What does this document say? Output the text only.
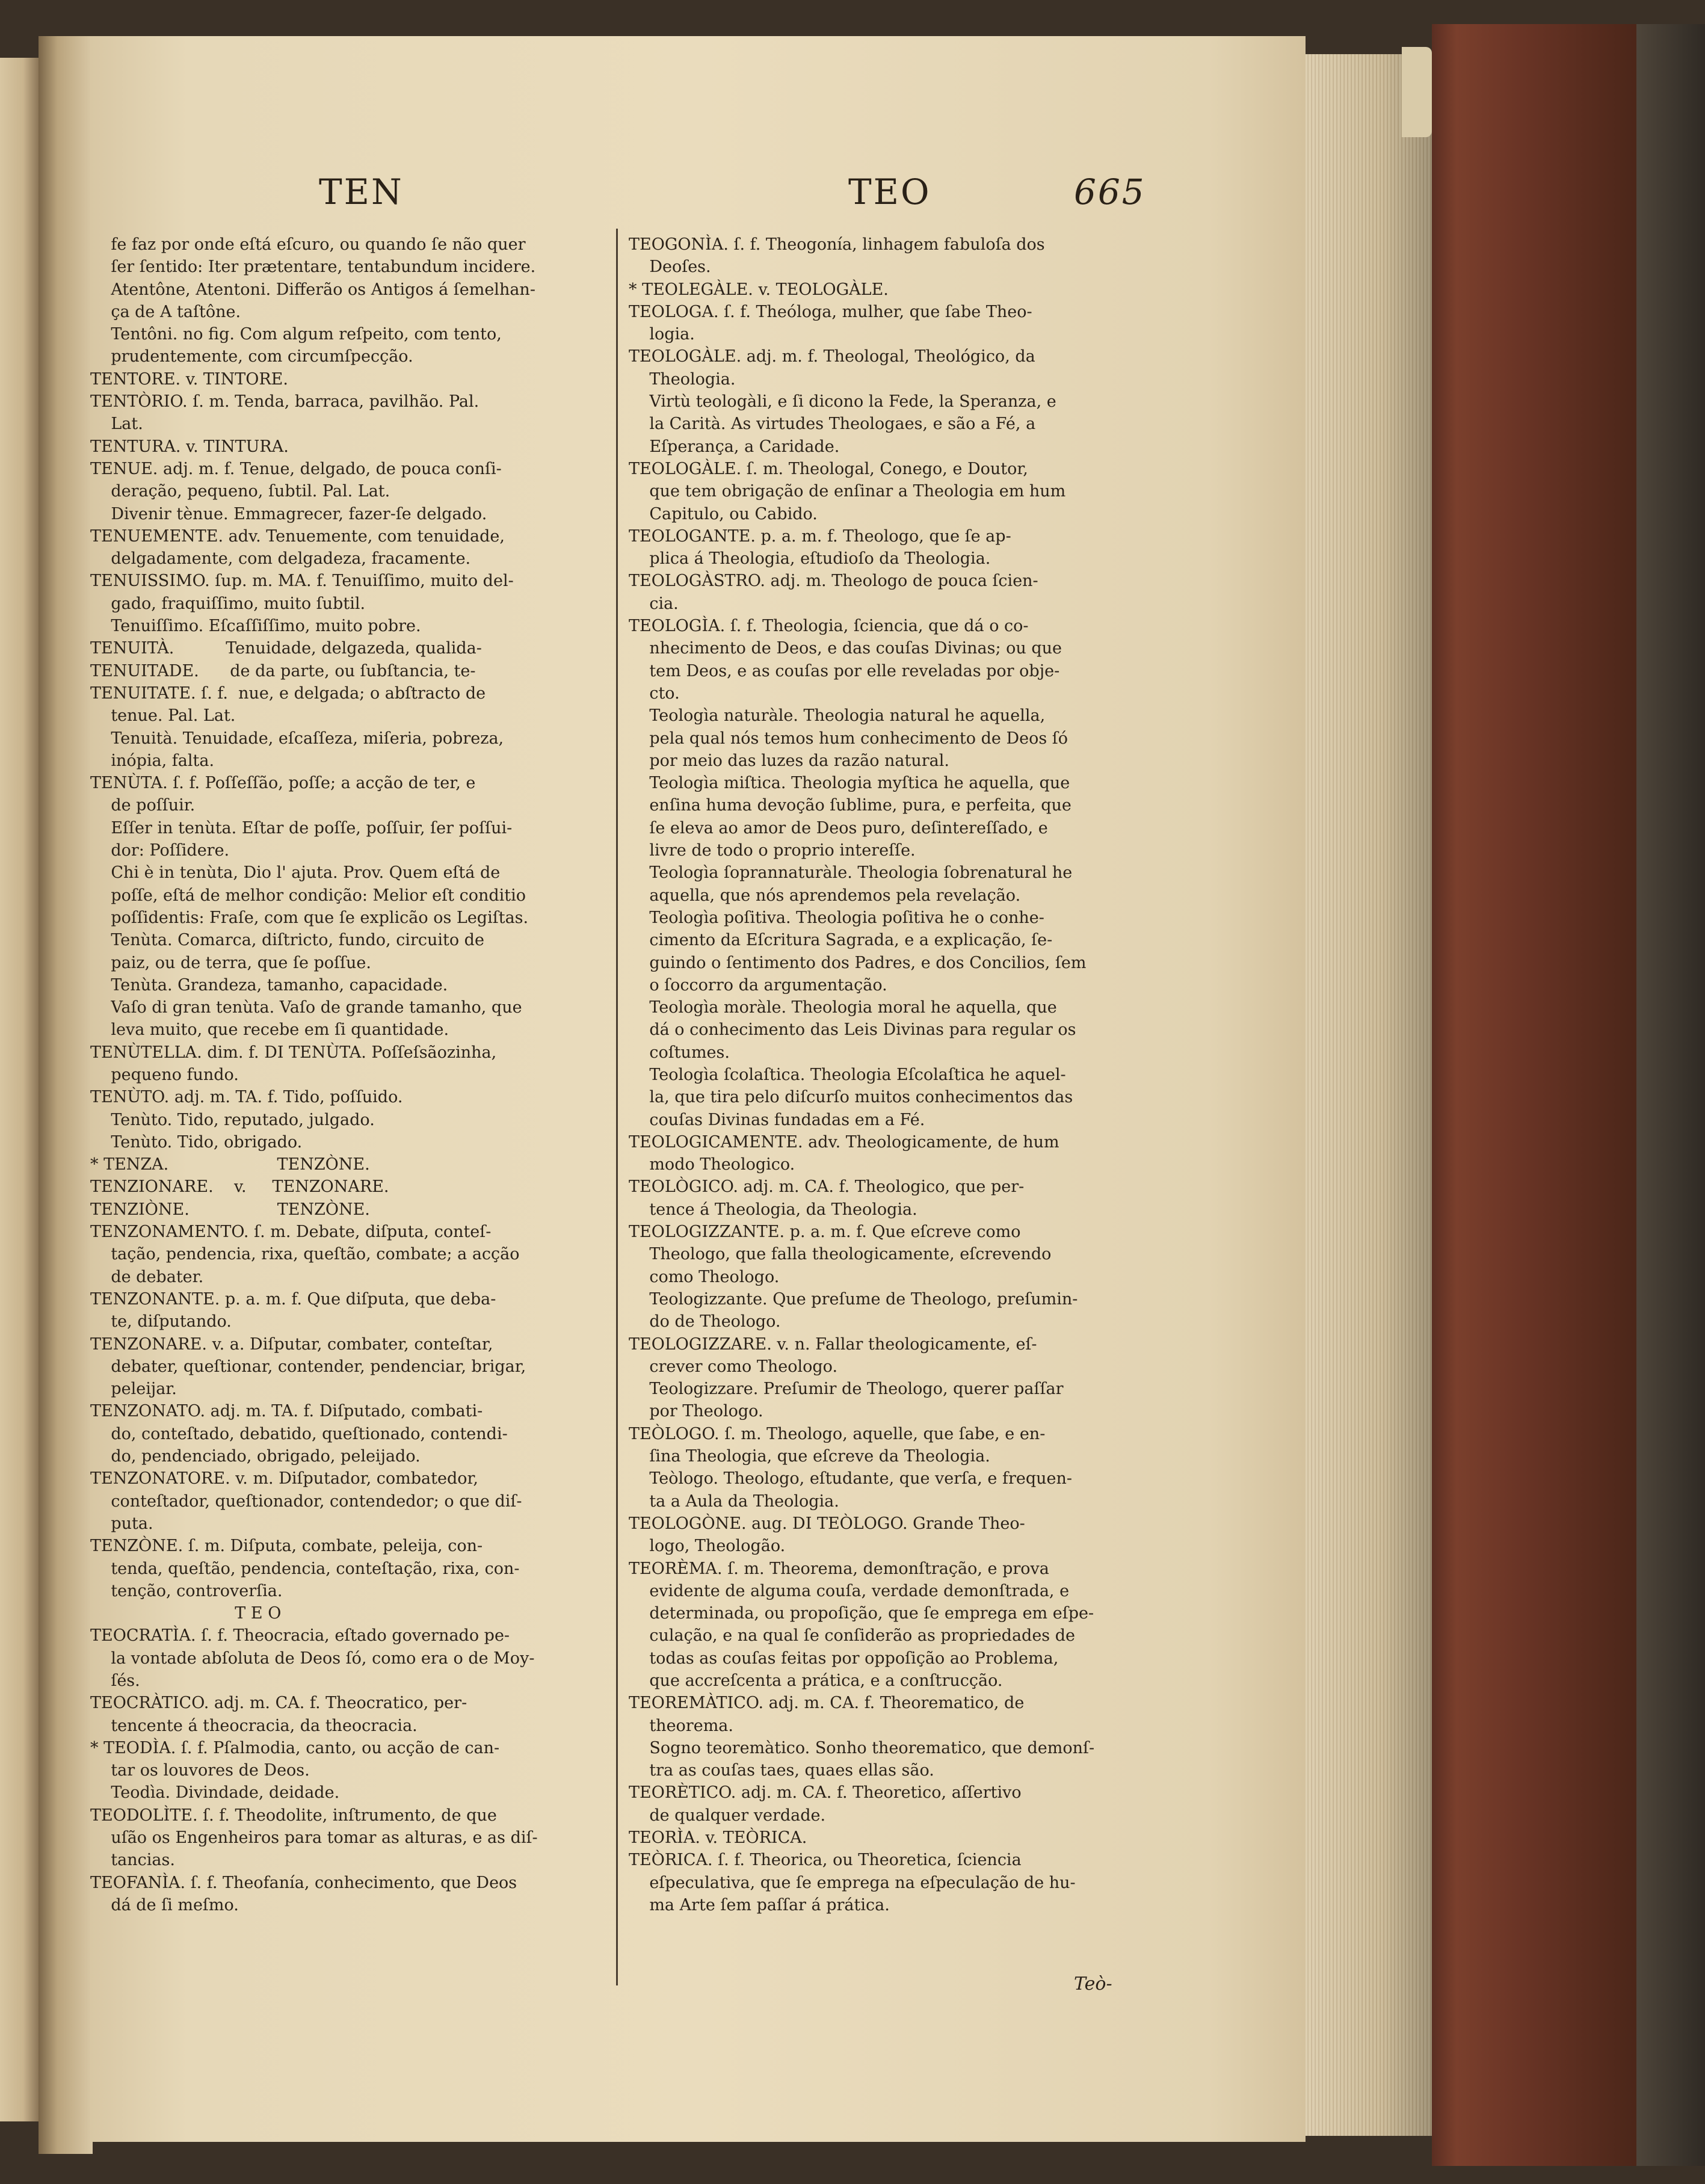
TEN	TEO	665
fe faz por onde eſtá eſcuro, ou quando ſe não quer
ſer ſentido: Iter prætentare, tentabundum incidere.
Atentône, Atentoni. Differão os Antigos á ſemelhan-
ça de A taſtône.
Tentôni. no fig. Com algum reſpeito, com tento,
prudentemente, com circumſpecção.
TENTORE. v. TINTORE.
TENTÒRIO. ſ. m. Tenda, barraca, pavilhão. Pal.
Lat.
TENTURA. v. TINTURA.
TENUE. adj. m. f. Tenue, delgado, de pouca conſi-
deração, pequeno, ſubtil. Pal. Lat.
Divenir tènue. Emmagrecer, fazer-ſe delgado.
TENUEMENTE. adv. Tenuemente, com tenuidade,
delgadamente, com delgadeza, fracamente.
TENUISSIMO. ſup. m. MA. f. Tenuiſſimo, muito del-
gado, fraquiſſimo, muito ſubtil.
Tenuiſſimo. Eſcaſſiſſimo, muito pobre.
TENUITÀ.          Tenuidade, delgazeda, qualida-
TENUITADE.      de da parte, ou ſubſtancia, te-
TENUITATE. ſ. f.  nue, e delgada; o abſtracto de
tenue. Pal. Lat.
Tenuità. Tenuidade, eſcaſſeza, miſeria, pobreza,
inópia, falta.
TENÙTA. ſ. f. Poſſeſſão, poſſe; a acção de ter, e
de poſſuir.
Eſſer in tenùta. Eſtar de poſſe, poſſuir, ſer poſſui-
dor: Poſſidere.
Chi è in tenùta, Dio l' ajuta. Prov. Quem eſtá de
poſſe, eſtá de melhor condição: Melior eſt conditio
poſſidentis: Fraſe, com que ſe explicão os Legiſtas.
Tenùta. Comarca, diſtricto, fundo, circuito de
paiz, ou de terra, que ſe poſſue.
Tenùta. Grandeza, tamanho, capacidade.
Vaſo di gran tenùta. Vaſo de grande tamanho, que
leva muito, que recebe em ſi quantidade.
TENÙTELLA. dim. f. DI TENÙTA. Poſſeſsãozinha,
pequeno fundo.
TENÙTO. adj. m. TA. f. Tido, poſſuido.
Tenùto. Tido, reputado, julgado.
Tenùto. Tido, obrigado.
* TENZA.                     TENZÒNE.
TENZIONARE.    v.     TENZONARE.
TENZIÒNE.                 TENZÒNE.
TENZONAMENTO. ſ. m. Debate, diſputa, conteſ-
tação, pendencia, rixa, queſtão, combate; a acção
de debater.
TENZONANTE. p. a. m. f. Que diſputa, que deba-
te, diſputando.
TENZONARE. v. a. Diſputar, combater, conteſtar,
debater, queſtionar, contender, pendenciar, brigar,
peleijar.
TENZONATO. adj. m. TA. f. Diſputado, combati-
do, conteſtado, debatido, queſtionado, contendi-
do, pendenciado, obrigado, peleijado.
TENZONATORE. v. m. Diſputador, combatedor,
conteſtador, queſtionador, contendedor; o que diſ-
puta.
TENZÒNE. ſ. m. Diſputa, combate, peleija, con-
tenda, queſtão, pendencia, conteſtação, rixa, con-
tenção, controverſia.
T E O
TEOCRATÌA. ſ. f. Theocracia, eſtado governado pe-
la vontade abſoluta de Deos ſó, como era o de Moy-
ſés.
TEOCRÀTICO. adj. m. CA. f. Theocratico, per-
tencente á theocracia, da theocracia.
* TEODÌA. ſ. f. Pſalmodia, canto, ou acção de can-
tar os louvores de Deos.
Teodìa. Divindade, deidade.
TEODOLÌTE. ſ. f. Theodolite, inſtrumento, de que
uſão os Engenheiros para tomar as alturas, e as diſ-
tancias.
TEOFANÌA. ſ. f. Theofanía, conhecimento, que Deos
dá de ſi meſmo.
TEOGONÌA. ſ. f. Theogonía, linhagem fabuloſa dos
Deoſes.
* TEOLEGÀLE. v. TEOLOGÀLE.
TEOLOGA. ſ. f. Theóloga, mulher, que ſabe Theo-
logia.
TEOLOGÀLE. adj. m. f. Theologal, Theológico, da
Theologia.
Virtù teologàli, e ſi dicono la Fede, la Speranza, e
la Carità. As virtudes Theologaes, e são a Fé, a
Eſperança, a Caridade.
TEOLOGÀLE. ſ. m. Theologal, Conego, e Doutor,
que tem obrigação de enſinar a Theologia em hum
Capitulo, ou Cabido.
TEOLOGANTE. p. a. m. f. Theologo, que ſe ap-
plica á Theologia, eſtudioſo da Theologia.
TEOLOGÀSTRO. adj. m. Theologo de pouca ſcien-
cia.
TEOLOGÌA. ſ. f. Theologia, ſciencia, que dá o co-
nhecimento de Deos, e das couſas Divinas; ou que
tem Deos, e as couſas por elle reveladas por obje-
cto.
Teologìa naturàle. Theologia natural he aquella,
pela qual nós temos hum conhecimento de Deos ſó
por meio das luzes da razão natural.
Teologìa miſtica. Theologia myſtica he aquella, que
enſina huma devoção ſublime, pura, e perfeita, que
ſe eleva ao amor de Deos puro, deſintereſſado, e
livre de todo o proprio intereſſe.
Teologìa ſoprannaturàle. Theologia ſobrenatural he
aquella, que nós aprendemos pela revelação.
Teologìa poſitiva. Theologia poſitiva he o conhe-
cimento da Eſcritura Sagrada, e a explicação, ſe-
guindo o ſentimento dos Padres, e dos Concilios, ſem
o ſoccorro da argumentação.
Teologìa moràle. Theologia moral he aquella, que
dá o conhecimento das Leis Divinas para regular os
coſtumes.
Teologìa ſcolaſtica. Theologia Eſcolaſtica he aquel-
la, que tira pelo diſcurſo muitos conhecimentos das
couſas Divinas fundadas em a Fé.
TEOLOGICAMENTE. adv. Theologicamente, de hum
modo Theologico.
TEOLÒGICO. adj. m. CA. f. Theologico, que per-
tence á Theologia, da Theologia.
TEOLOGIZZANTE. p. a. m. f. Que eſcreve como
Theologo, que falla theologicamente, eſcrevendo
como Theologo.
Teologizzante. Que preſume de Theologo, preſumin-
do de Theologo.
TEOLOGIZZARE. v. n. Fallar theologicamente, eſ-
crever como Theologo.
Teologizzare. Preſumir de Theologo, querer paſſar
por Theologo.
TEÒLOGO. ſ. m. Theologo, aquelle, que ſabe, e en-
ſina Theologia, que eſcreve da Theologia.
Teòlogo. Theologo, eſtudante, que verſa, e frequen-
ta a Aula da Theologia.
TEOLOGÒNE. aug. DI TEÒLOGO. Grande Theo-
logo, Theologão.
TEORÈMA. ſ. m. Theorema, demonſtração, e prova
evidente de alguma couſa, verdade demonſtrada, e
determinada, ou propoſição, que ſe emprega em eſpe-
culação, e na qual ſe conſiderão as propriedades de
todas as couſas feitas por oppoſição ao Problema,
que accreſcenta a prática, e a conſtrucção.
TEOREMÀTICO. adj. m. CA. f. Theorematico, de
theorema.
Sogno teoremàtico. Sonho theorematico, que demonſ-
tra as couſas taes, quaes ellas são.
TEORÈTICO. adj. m. CA. f. Theoretico, aſſertivo
de qualquer verdade.
TEORÌA. v. TEÒRICA.
TEÒRICA. ſ. f. Theorica, ou Theoretica, ſciencia
eſpeculativa, que ſe emprega na eſpeculação de hu-
ma Arte ſem paſſar á prática.
Teò-
